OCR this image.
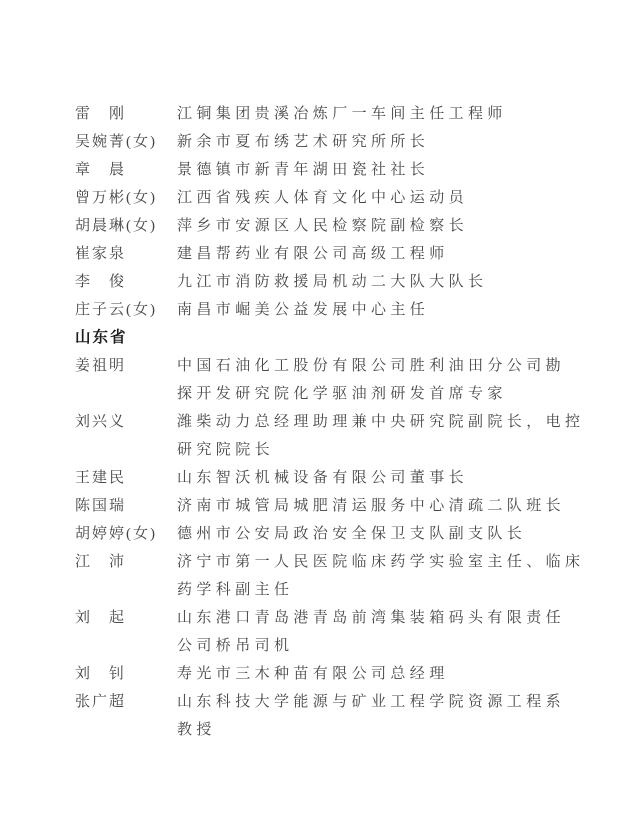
雷　刚	江铜集团贵溪冶炼厂一车间主任工程师
吴婉菁(女)	新余市夏布绣艺术研究所所长
章　晨	景德镇市新青年湖田瓷社社长
曾万彬(女)	江西省残疾人体育文化中心运动员
胡晨琳(女)	萍乡市安源区人民检察院副检察长
崔家泉	建昌帮药业有限公司高级工程师
李　俊	九江市消防救援局机动二大队大队长
庄子云(女)	南昌市崛美公益发展中心主任
山东省
姜祖明	中国石油化工股份有限公司胜利油田分公司勘
探开发研究院化学驱油剂研发首席专家
刘兴义	潍柴动力总经理助理兼中央研究院副院长，电控
研究院院长
王建民	山东智沃机械设备有限公司董事长
陈国瑞	济南市城管局城肥清运服务中心清疏二队班长
胡婷婷(女)	德州市公安局政治安全保卫支队副支队长
江　沛	济宁市第一人民医院临床药学实验室主任、临床
药学科副主任
刘　起	山东港口青岛港青岛前湾集装箱码头有限责任
公司桥吊司机
刘　钊	寿光市三木种苗有限公司总经理
张广超	山东科技大学能源与矿业工程学院资源工程系
教授
